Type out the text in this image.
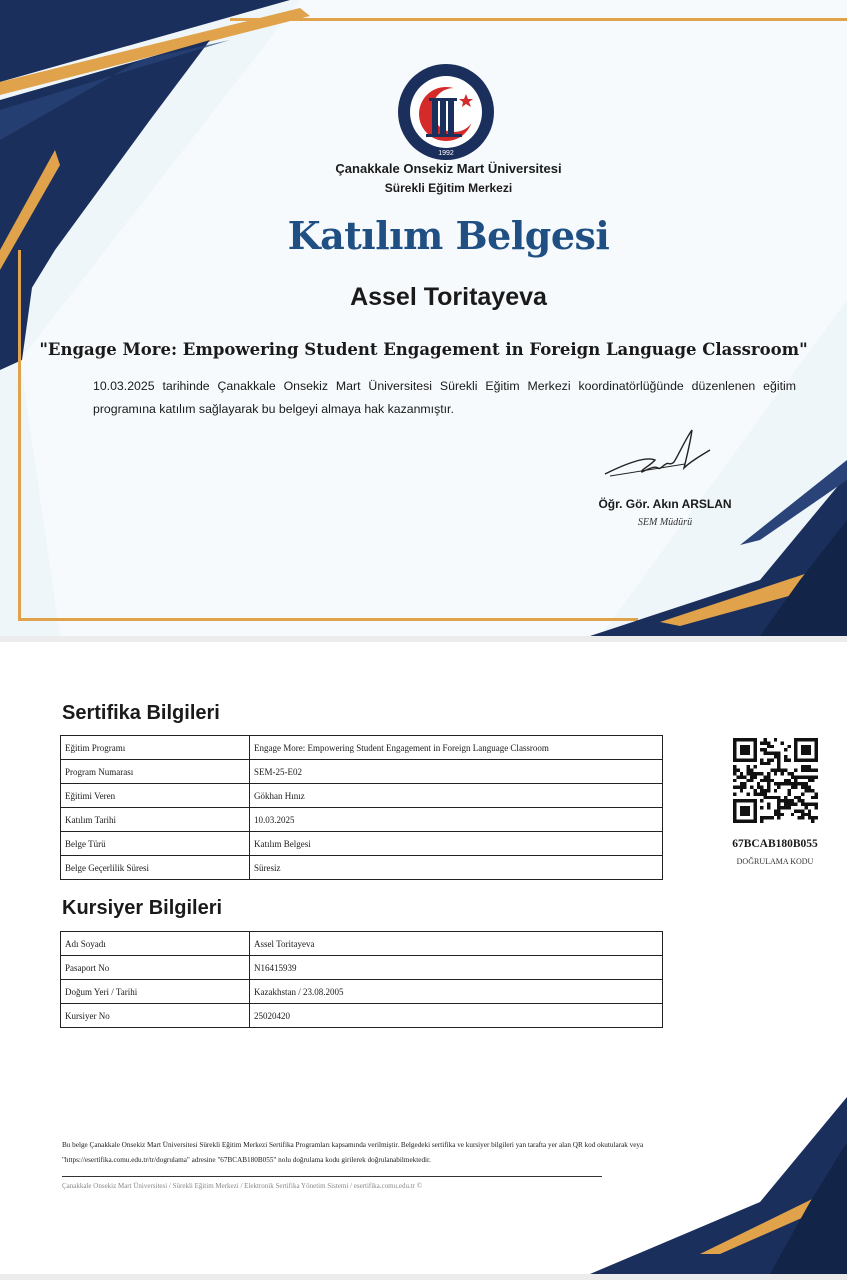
1992
Çanakkale Onsekiz Mart Üniversitesi
Sürekli Eğitim Merkezi
Katılım Belgesi
Assel Toritayeva
"Engage More: Empowering Student Engagement in Foreign Language Classroom"
10.03.2025 tarihinde Çanakkale Onsekiz Mart Üniversitesi Sürekli Eğitim Merkezi koordinatörlüğünde düzenlenen eğitim programına katılım sağlayarak bu belgeyi almaya hak kazanmıştır.
Öğr. Gör. Akın ARSLAN
SEM Müdürü
Sertifika Bilgileri
Eğitim Programı	Engage More: Empowering Student Engagement in Foreign Language Classroom
Program Numarası	SEM-25-E02
Eğitimi Veren	Gökhan Hınız
Katılım Tarihi	10.03.2025
Belge Türü	Katılım Belgesi
Belge Geçerlilik Süresi	Süresiz
67BCAB180B055
DOĞRULAMA KODU
Kursiyer Bilgileri
Adı Soyadı	Assel Toritayeva
Pasaport No	N16415939
Doğum Yeri / Tarihi	Kazakhstan / 23.08.2005
Kursiyer No	25020420
Bu belge Çanakkale Onsekiz Mart Üniversitesi Sürekli Eğitim Merkezi Sertifika Programları kapsamında verilmiştir. Belgedeki sertifika ve kursiyer bilgileri yan tarafta yer alan QR kod okutularak veya "https://esertifika.comu.edu.tr/tr/dogrulama" adresine "67BCAB180B055" nolu doğrulama kodu girilerek doğrulanabilmektedir.
Çanakkale Onsekiz Mart Üniversitesi / Sürekli Eğitim Merkezi / Elektronik Sertifika Yönetim Sistemi / esertifika.comu.edu.tr ©
